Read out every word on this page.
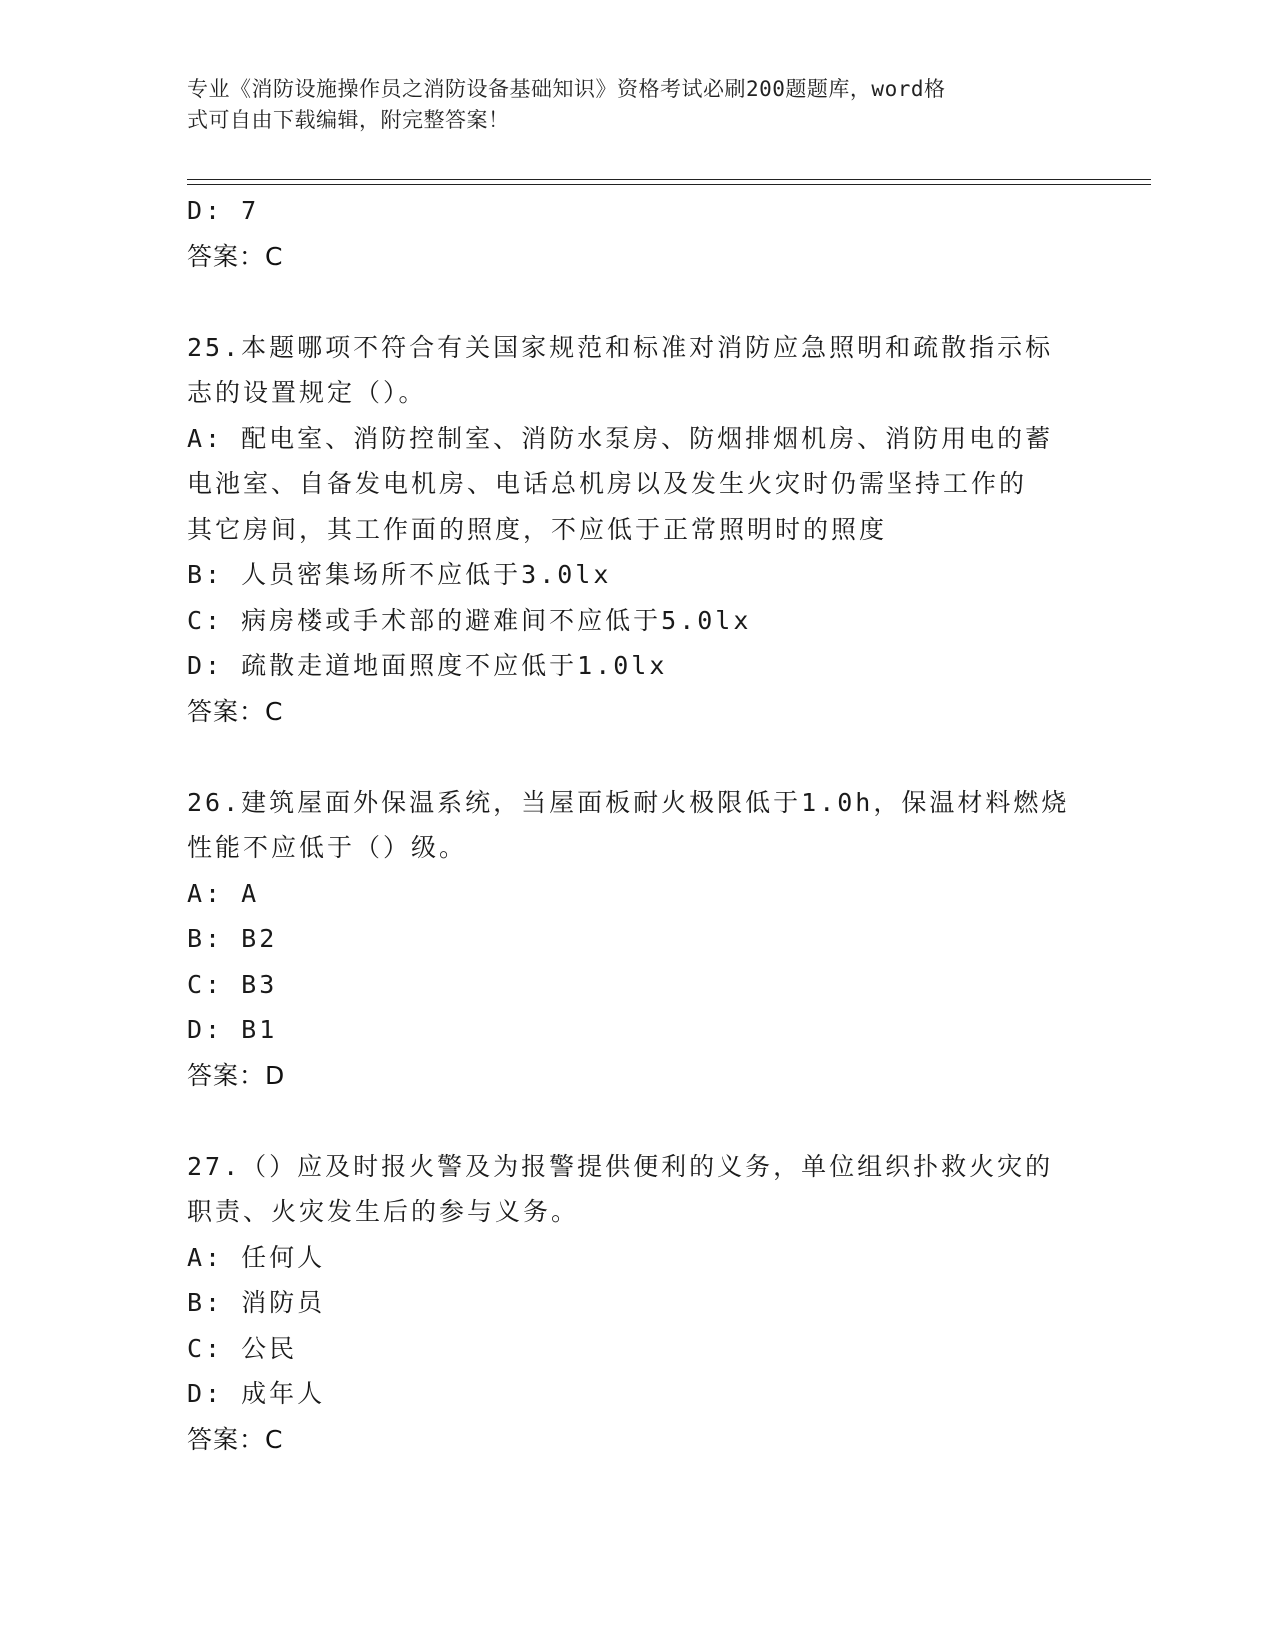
专业《消防设施操作员之消防设备基础知识》资格考试必刷200题题库，word格
式可自由下载编辑，附完整答案！
D: 7
答案：C
25.本题哪项不符合有关国家规范和标准对消防应急照明和疏散指示标
志的设置规定（）。
A: 配电室、消防控制室、消防水泵房、防烟排烟机房、消防用电的蓄
电池室、自备发电机房、电话总机房以及发生火灾时仍需坚持工作的
其它房间，其工作面的照度，不应低于正常照明时的照度
B: 人员密集场所不应低于3.0lx
C: 病房楼或手术部的避难间不应低于5.0lx
D: 疏散走道地面照度不应低于1.0lx
答案：C
26.建筑屋面外保温系统，当屋面板耐火极限低于1.0h，保温材料燃烧
性能不应低于（）级。
A: A
B: B2
C: B3
D: B1
答案：D
27.（）应及时报火警及为报警提供便利的义务，单位组织扑救火灾的
职责、火灾发生后的参与义务。
A: 任何人
B: 消防员
C: 公民
D: 成年人
答案：C
